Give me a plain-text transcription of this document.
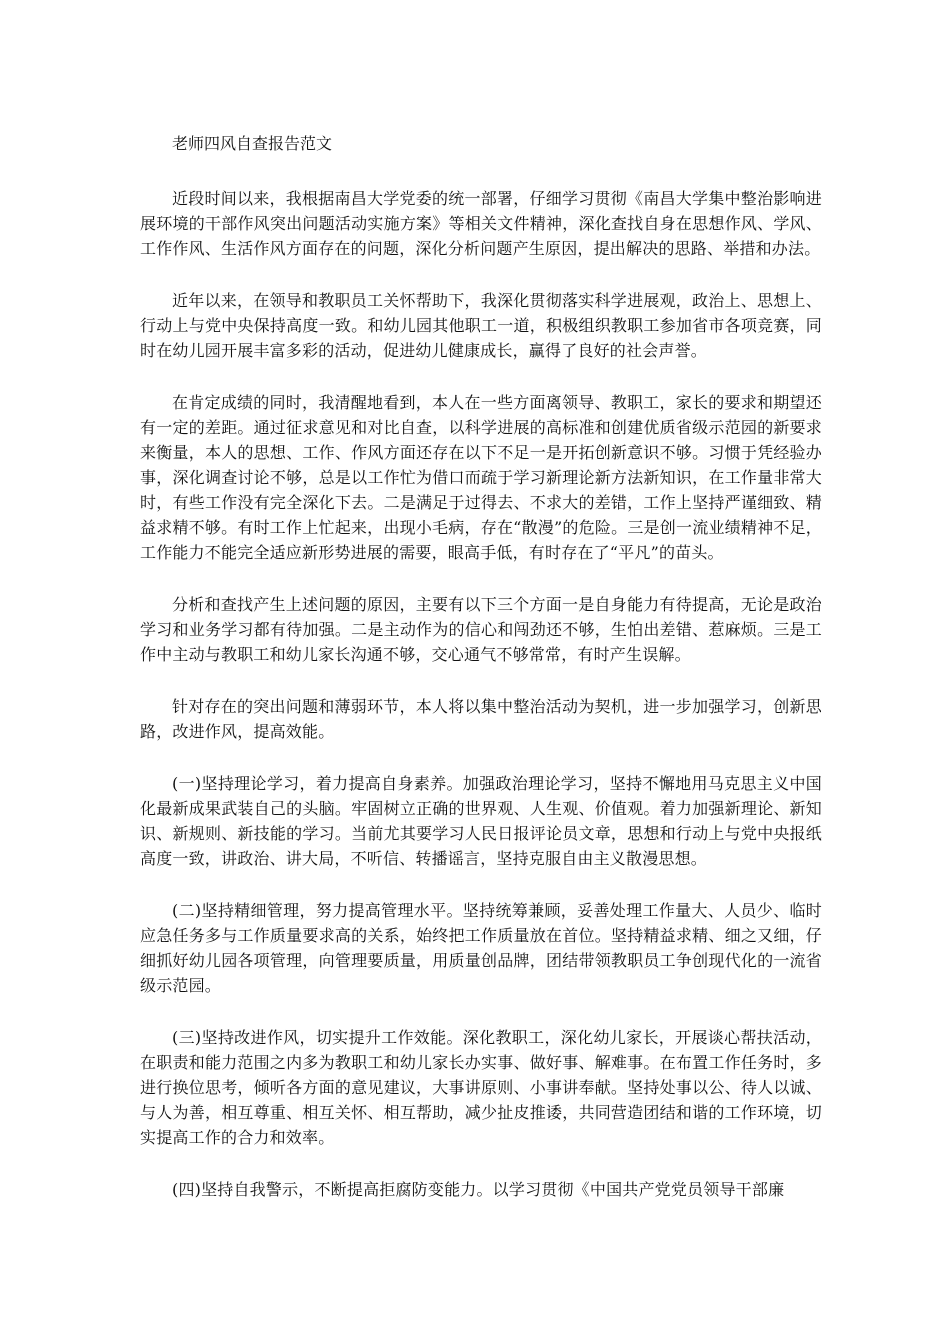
老师四风自查报告范文

近段时间以来，我根据南昌大学党委的统一部署，仔细学习贯彻《南昌大学集中整治影响进展环境的干部作风突出问题活动实施方案》等相关文件精神，深化查找自身在思想作风、学风、工作作风、生活作风方面存在的问题，深化分析问题产生原因，提出解决的思路、举措和办法。

近年以来，在领导和教职员工关怀帮助下，我深化贯彻落实科学进展观，政治上、思想上、行动上与党中央保持高度一致。和幼儿园其他职工一道，积极组织教职工参加省市各项竞赛，同时在幼儿园开展丰富多彩的活动，促进幼儿健康成长，赢得了良好的社会声誉。

在肯定成绩的同时，我清醒地看到，本人在一些方面离领导、教职工，家长的要求和期望还有一定的差距。通过征求意见和对比自查，以科学进展的高标准和创建优质省级示范园的新要求来衡量，本人的思想、工作、作风方面还存在以下不足一是开拓创新意识不够。习惯于凭经验办事，深化调查讨论不够，总是以工作忙为借口而疏于学习新理论新方法新知识，在工作量非常大时，有些工作没有完全深化下去。二是满足于过得去、不求大的差错，工作上坚持严谨细致、精益求精不够。有时工作上忙起来，出现小毛病，存在“散漫”的危险。三是创一流业绩精神不足，工作能力不能完全适应新形势进展的需要，眼高手低，有时存在了“平凡”的苗头。

分析和查找产生上述问题的原因，主要有以下三个方面一是自身能力有待提高，无论是政治学习和业务学习都有待加强。二是主动作为的信心和闯劲还不够，生怕出差错、惹麻烦。三是工作中主动与教职工和幼儿家长沟通不够，交心通气不够常常，有时产生误解。

针对存在的突出问题和薄弱环节，本人将以集中整治活动为契机，进一步加强学习，创新思路，改进作风，提高效能。

(一)坚持理论学习，着力提高自身素养。加强政治理论学习，坚持不懈地用马克思主义中国化最新成果武装自己的头脑。牢固树立正确的世界观、人生观、价值观。着力加强新理论、新知识、新规则、新技能的学习。当前尤其要学习人民日报评论员文章，思想和行动上与党中央报纸高度一致，讲政治、讲大局，不听信、转播谣言，坚持克服自由主义散漫思想。

(二)坚持精细管理，努力提高管理水平。坚持统筹兼顾，妥善处理工作量大、人员少、临时应急任务多与工作质量要求高的关系，始终把工作质量放在首位。坚持精益求精、细之又细，仔细抓好幼儿园各项管理，向管理要质量，用质量创品牌，团结带领教职员工争创现代化的一流省级示范园。

(三)坚持改进作风，切实提升工作效能。深化教职工，深化幼儿家长，开展谈心帮扶活动，在职责和能力范围之内多为教职工和幼儿家长办实事、做好事、解难事。在布置工作任务时，多进行换位思考，倾听各方面的意见建议，大事讲原则、小事讲奉献。坚持处事以公、待人以诚、与人为善，相互尊重、相互关怀、相互帮助，减少扯皮推诿，共同营造团结和谐的工作环境，切实提高工作的合力和效率。

(四)坚持自我警示，不断提高拒腐防变能力。以学习贯彻《中国共产党党员领导干部廉
